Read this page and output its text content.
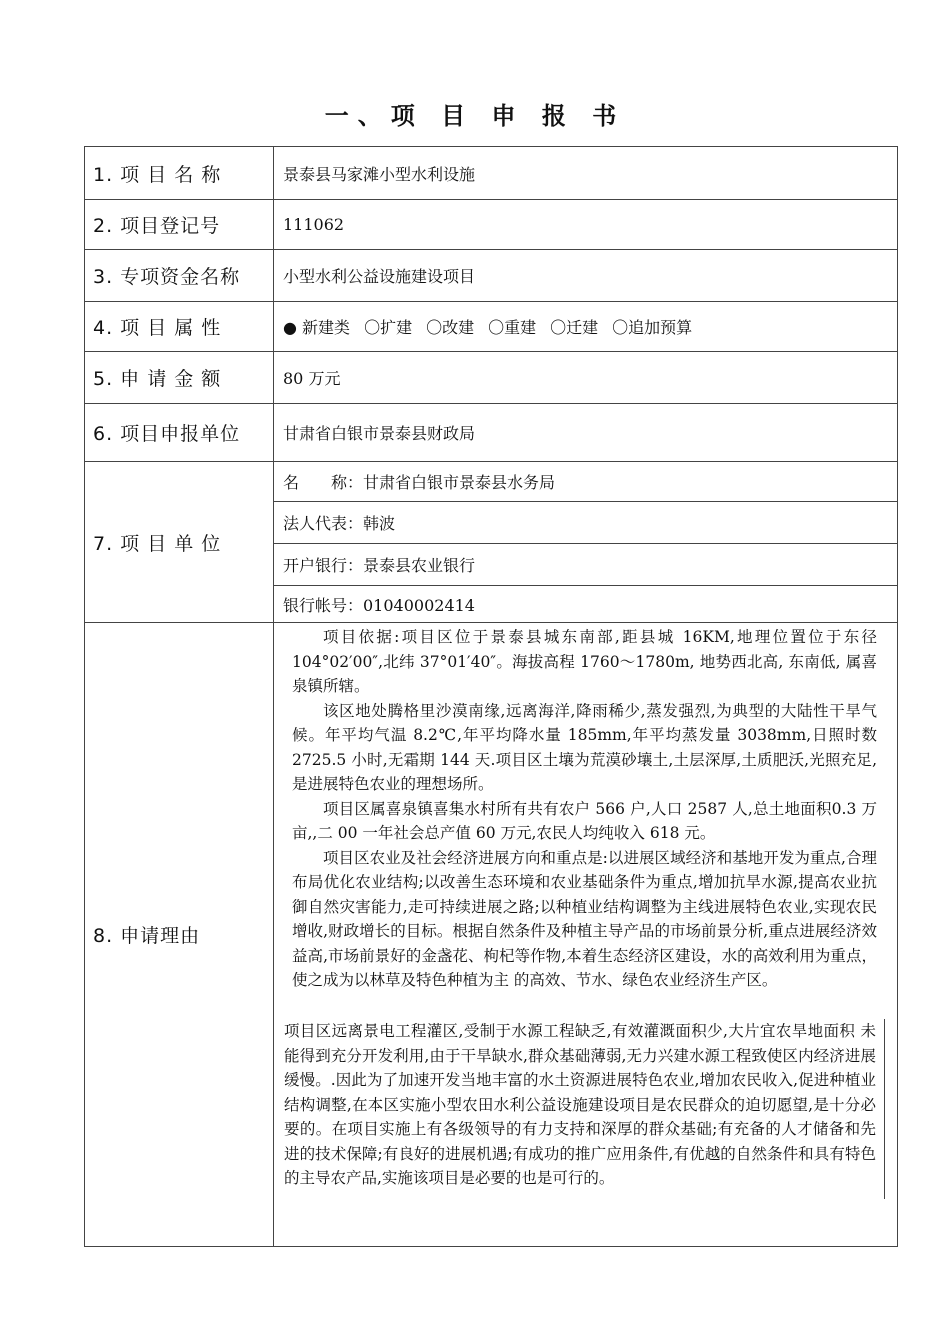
一、项 目 申 报 书
1. 项 目 名 称	景泰县马家滩小型水利设施
2. 项目登记号	111062
3. 专项资金名称	小型水利公益设施建设项目
4. 项 目 属 性	● 新建类 〇扩建 〇改建 〇重建 〇迁建 〇追加预算
5. 申 请 金 额	80 万元
6. 项目申报单位	甘肃省白银市景泰县财政局
7. 项 目 单 位	名　　称：甘肃省白银市景泰县水务局
法人代表：韩波
开户银行：景泰县农业银行
银行帐号：01040002414

8. 申请理由	项目依据:项目区位于景泰县城东南部,距县城 16KM,地理位置位于东径104°02′00″,北纬 37°01′40″。海拔高程 1760～1780m, 地势西北高, 东南低, 属喜泉镇所辖。

该区地处腾格里沙漠南缘,远离海洋,降雨稀少,蒸发强烈,为典型的大陆性干旱气候。年平均气温 8.2℃,年平均降水量 185mm,年平均蒸发量 3038mm,日照时数 2725.5 小时,无霜期 144 天.项目区土壤为荒漠砂壤土,土层深厚,土质肥沃,光照充足,是进展特色农业的理想场所。

项目区属喜泉镇喜集水村所有共有农户 566 户,人口 2587 人,总土地面积0.3 万亩,,二 00 一年社会总产值 60 万元,农民人均纯收入 618 元。

项目区农业及社会经济进展方向和重点是:以进展区域经济和基地开发为重点,合理布局优化农业结构;以改善生态环境和农业基础条件为重点,增加抗旱水源,提高农业抗御自然灾害能力,走可持续进展之路;以种植业结构调整为主线进展特色农业,实现农民增收,财政增长的目标。根据自然条件及种植主导产品的市场前景分析,重点进展经济效益高,市场前景好的金盏花、枸杞等作物,本着生态经济区建设，水的高效利用为重点，使之成为以林草及特色种植为主 的高效、节水、绿色农业经济生产区。

项目区远离景电工程灌区,受制于水源工程缺乏,有效灌溉面积少,大片宜农旱地面积 未能得到充分开发利用,由于干旱缺水,群众基础薄弱,无力兴建水源工程致使区内经济进展缓慢。.因此为了加速开发当地丰富的水土资源进展特色农业,增加农民收入,促进种植业结构调整,在本区实施小型农田水利公益设施建设项目是农民群众的迫切愿望,是十分必要的。在项目实施上有各级领导的有力支持和深厚的群众基础;有充备的人才储备和先进的技术保障;有良好的进展机遇;有成功的推广应用条件,有优越的自然条件和具有特色的主导农产品,实施该项目是必要的也是可行的。
